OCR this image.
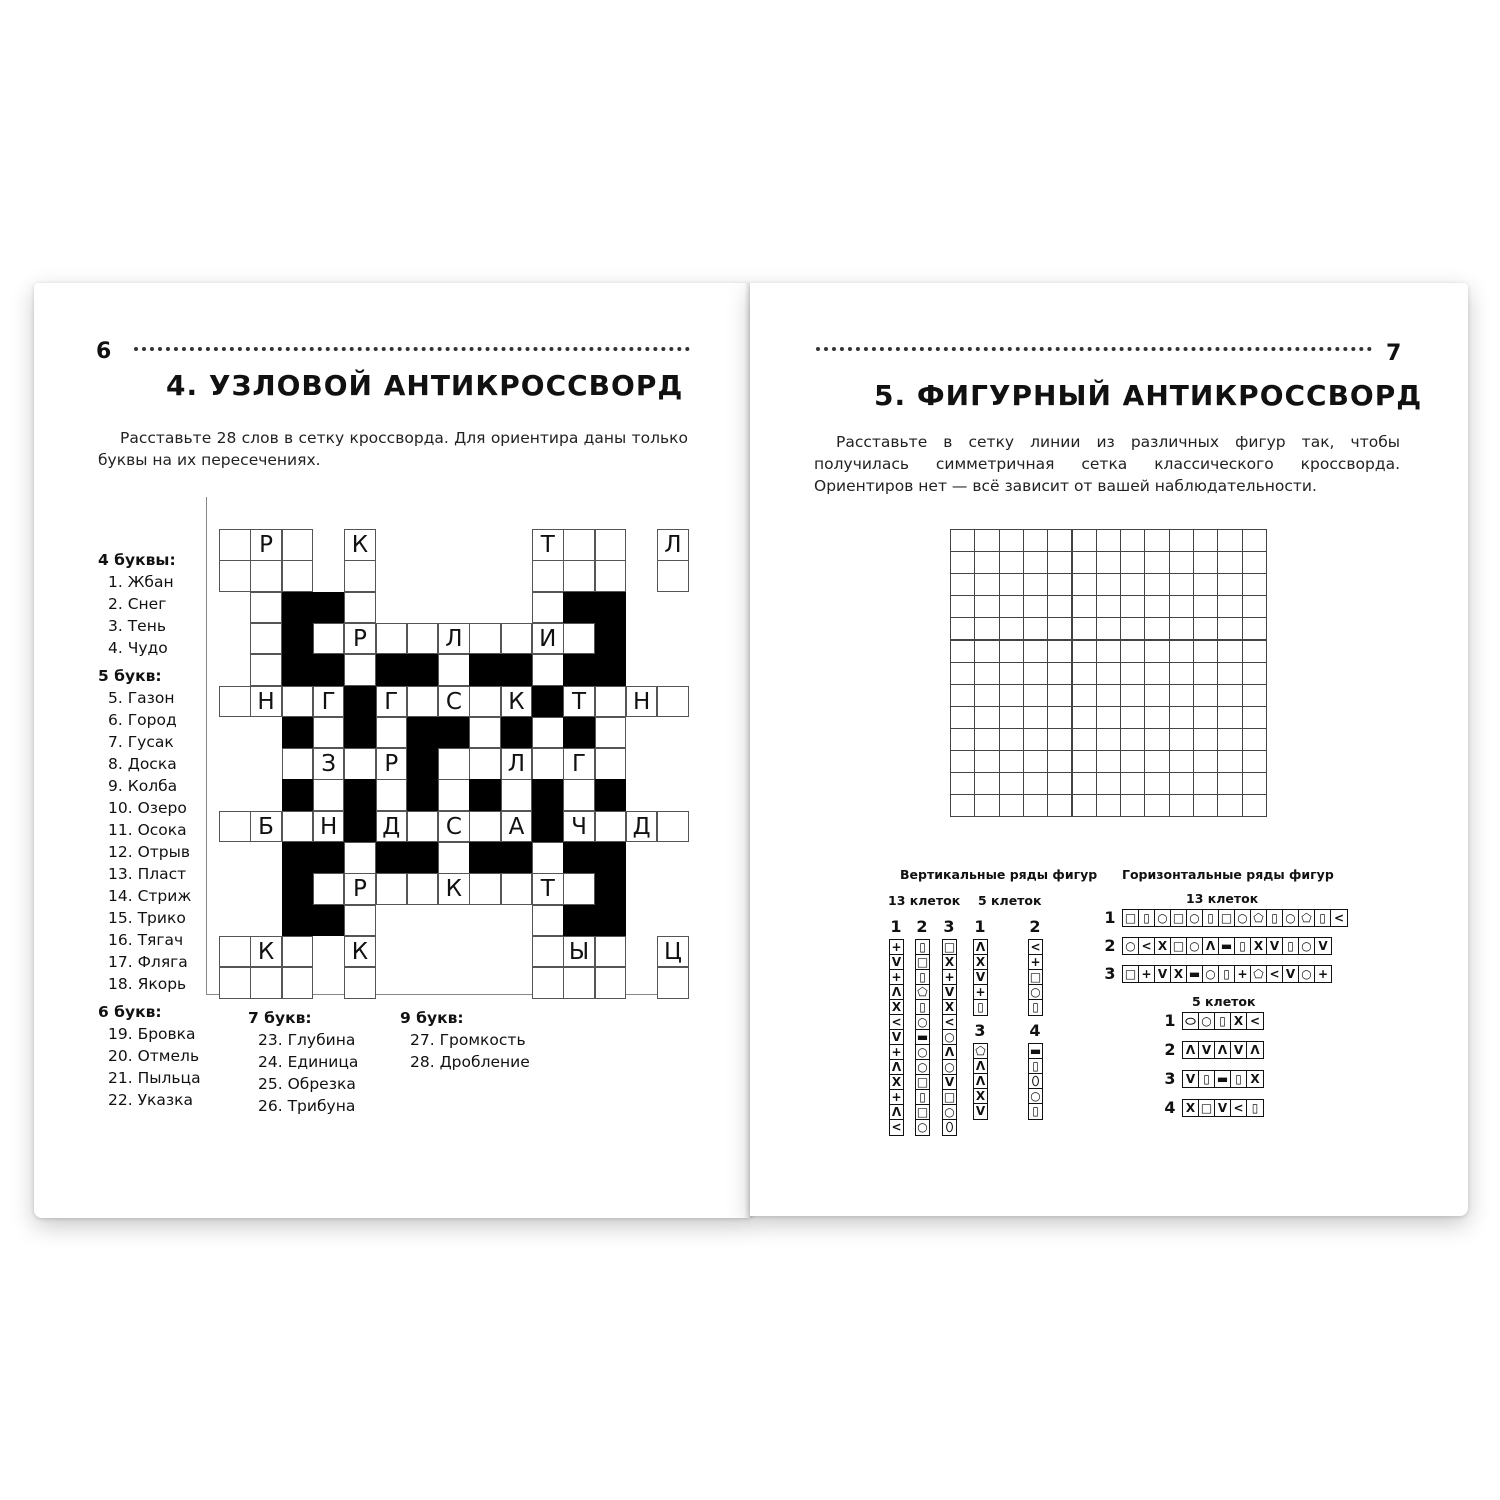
6
4. УЗЛОВОЙ АНТИКРОССВОРД
Расставьте 28 слов в сетку кроссворда. Для ориентира даны только буквы на их пересечениях.
Р	К	Т	Л
Р	Л	И
Н	Г	Г	С	К	Т	Н
З	Р	Л	Г
Б	Н	Д	С	А	Ч	Д
Р	К	Т
К	К	Ы	Ц
4 буквы:
1. Жбан
2. Снег
3. Тень
4. Чудо
5 букв:
5. Газон
6. Город
7. Гусак
8. Доска
9. Колба
10. Озеро
11. Осока
12. Отрыв
13. Пласт
14. Стриж
15. Трико
16. Тягач
17. Фляга
18. Якорь
6 букв:
19. Бровка
20. Отмель
21. Пыльца
22. Указка
7 букв:
23. Глубина
24. Единица
25. Обрезка
26. Трибуна
9 букв:
27. Громкость
28. Дробление
7
5. ФИГУРНЫЙ АНТИКРОССВОРД
Расставьте в сетку линии из различных фигур так, чтобы получилась симметричная сетка классического кроссворда. Ориентиров нет — всё зависит от вашей наблюдательности.
Вертикальные ряды фигур Горизонтальные ряды фигур
13 клеток 5 клеток	13 клеток
5 клеток
1
+
V
+
Λ
X
<
V
+
Λ
X
+
Λ
<
2
▯
□
▯
⬠
▯
○
▬
○
○
□
▯
□
○
3
□
X
+
V
X
<
○
Λ
○
V
□
○
⬯
1
Λ
X
V
+
▯
2
<
+
□
○
▯
3
⬠
Λ
Λ
X
V
4
▬
▯
⬯
○
▯
1 □ ▯ ○ □ ○ ▯ □ ○ ⬠ ▯ ○ ⬠ ▯ <
2 ○ < X □ ○ Λ ▬ ▯ X V ▯ ○ V
3 □ + V X ▬ ○ ▯ + ⬠ < V ○ +
1 ⬭ ○ ▯ X <
2 Λ V Λ V Λ
3 V ▯ ▬ ▯ X
4 X □ V < ▯
